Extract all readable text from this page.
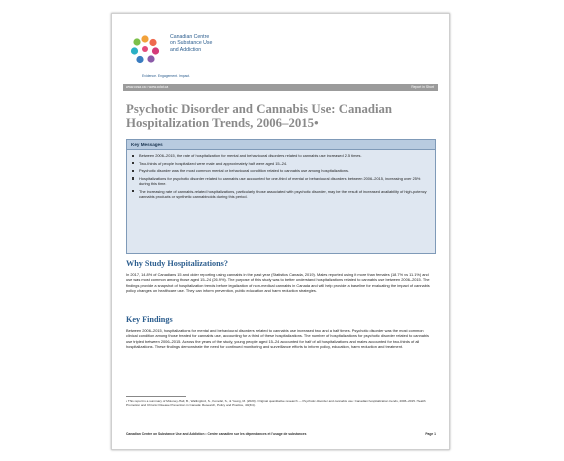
Canadian Centre
on Substance Use
and Addiction
Evidence. Engagement. Impact.
www.ccsa.ca • www.cclat.ca	Report in Short
Psychotic Disorder and Cannabis Use: Canadian Hospitalization Trends, 2006–2015•
Key Messages
Between 2006–2015, the rate of hospitalization for mental and behavioural disorders related to cannabis use increased 2.5 times.
Two-thirds of people hospitalized were male and approximately half were aged 15–24.
Psychotic disorder was the most common mental or behavioural condition related to cannabis use among hospitalizations.
Hospitalizations for psychotic disorder related to cannabis use accounted for one-third of mental or behavioural disorders between 2006–2015, increasing over 25% during this time.
The increasing rate of cannabis-related hospitalizations, particularly those associated with psychotic disorder, may be the result of increased availability of high-potency cannabis products or synthetic cannabinoids during this period.
Why Study Hospitalizations?

In 2017, 14.8% of Canadians 15 and older reporting using cannabis in the past year (Statistics Canada, 2019). Males reported using it more than females (18.7% vs 11.1%) and use was most common among those aged 15–24 (26.9%). The purpose of this study was to better understand hospitalizations related to cannabis use between 2006–2015. The findings provide a snapshot of hospitalization trends before legalization of non-medical cannabis in Canada and will help provide a baseline for evaluating the impact of cannabis policy changes on healthcare use. They can inform prevention, public education and harm reduction strategies.

Key Findings

Between 2006–2015, hospitalizations for mental and behavioural disorders related to cannabis use increased two and a half times. Psychotic disorder was the most common clinical condition among those treated for cannabis use, accounting for a third of these hospitalizations. The number of hospitalizations for psychotic disorder related to cannabis use tripled between 2006–2015. Across the years of the study, young people aged 15–24 accounted for half of all hospitalizations and males accounted for two-thirds of all hospitalizations. These findings demonstrate the need for continued monitoring and surveillance efforts to inform policy, education, harm reduction and treatment.

• This report is a summary of Moloney-Hall, B., Wallingford, S., Konefal, S., & Young, M. (2020). Original quantitative research — Psychotic disorder and cannabis use: Canadian hospitalization trends, 2006–2015. Health Promotion and Chronic Disease Prevention in Canada: Research, Policy and Practice, 40(3/4).

Canadian Centre on Substance Use and Addiction • Centre canadien sur les dépendances et l'usage de substances	Page 1
